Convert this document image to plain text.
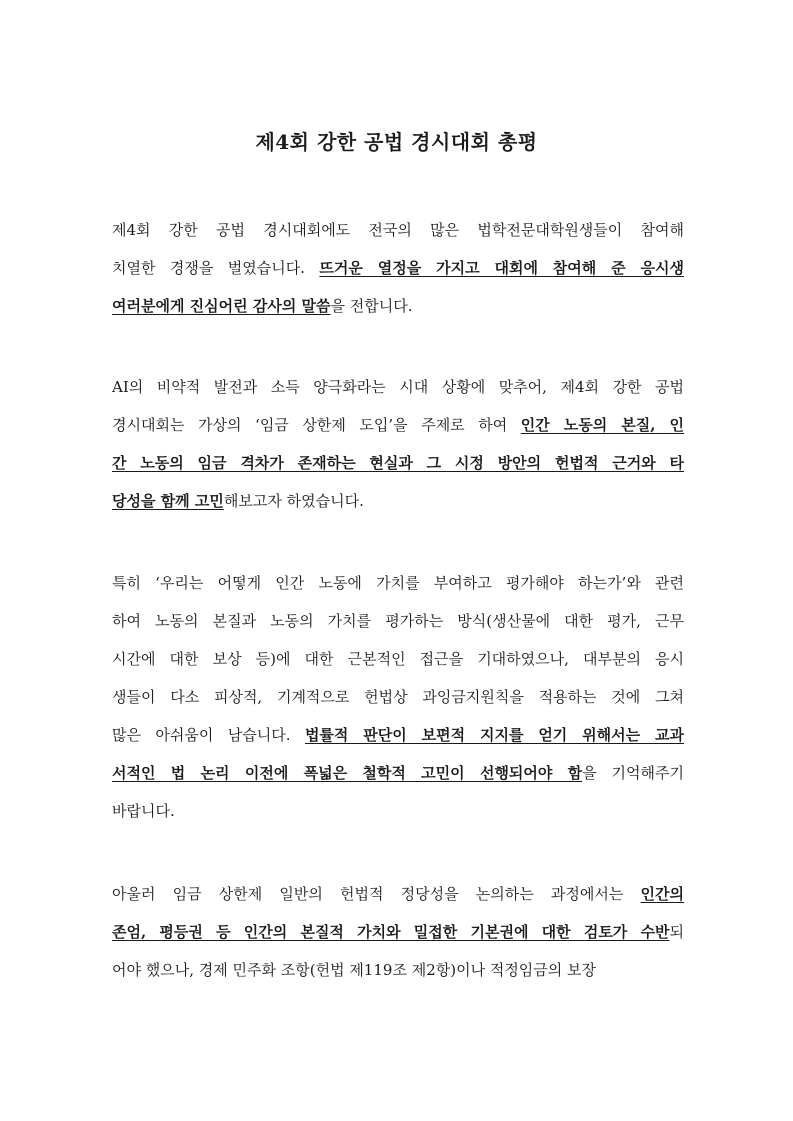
제4회 강한 공법 경시대회 총평
제4회 강한 공법 경시대회에도 전국의 많은 법학전문대학원생들이 참여해
치열한 경쟁을 벌였습니다. 뜨거운 열정을 가지고 대회에 참여해 준 응시생
여러분에게 진심어린 감사의 말씀을 전합니다.
AI의 비약적 발전과 소득 양극화라는 시대 상황에 맞추어, 제4회 강한 공법
경시대회는 가상의 ‘임금 상한제 도입’을 주제로 하여 인간 노동의 본질, 인
간 노동의 임금 격차가 존재하는 현실과 그 시정 방안의 헌법적 근거와 타
당성을 함께 고민해보고자 하였습니다.
특히 ‘우리는 어떻게 인간 노동에 가치를 부여하고 평가해야 하는가’와 관련
하여 노동의 본질과 노동의 가치를 평가하는 방식(생산물에 대한 평가, 근무
시간에 대한 보상 등)에 대한 근본적인 접근을 기대하였으나, 대부분의 응시
생들이 다소 피상적, 기계적으로 헌법상 과잉금지원칙을 적용하는 것에 그쳐
많은 아쉬움이 남습니다. 법률적 판단이 보편적 지지를 얻기 위해서는 교과
서적인 법 논리 이전에 폭넓은 철학적 고민이 선행되어야 함을 기억해주기
바랍니다.
아울러 임금 상한제 일반의 헌법적 정당성을 논의하는 과정에서는 인간의
존엄, 평등권 등 인간의 본질적 가치와 밀접한 기본권에 대한 검토가 수반되
어야 했으나, 경제 민주화 조항(헌법 제119조 제2항)이나 적정임금의 보장
